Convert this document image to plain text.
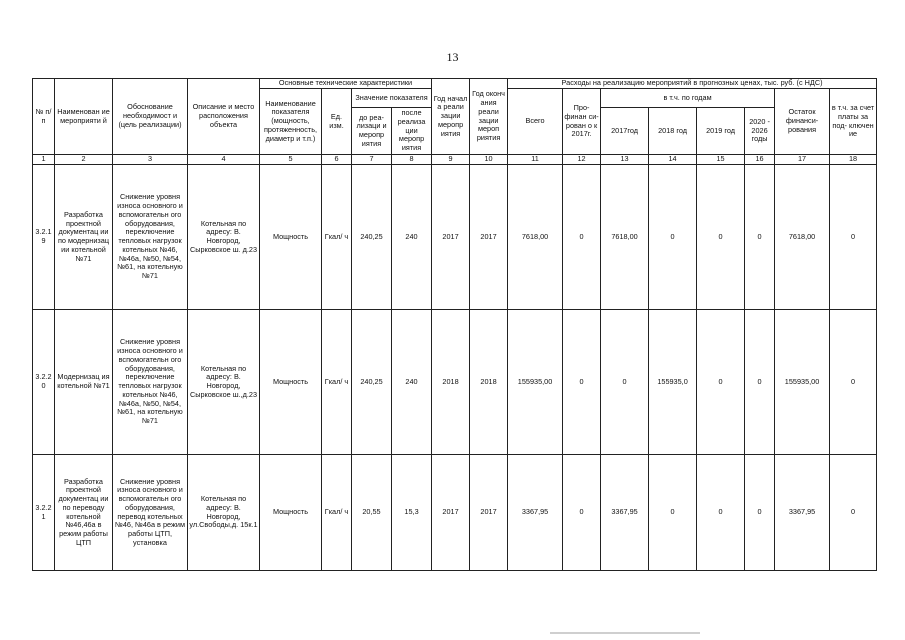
13
№ п/п	Наименован ие мероприяти й	Обоснование необходимост и (цель реализации)	Описание и место расположения объекта	Основные технические характеристики				Год начал а реали зации меропр иятия	Год оконч ания реали зации мероп риятия	Расходы на реализацию мероприятий в прогнозных ценах, тыс. руб. (с НДС)							
				Наименование показателя (мощность, протяженность, диаметр и т.п.)	Ед. изм.	Значение показателя				Всего	Про- финан си- рован о к 2017г.	в т.ч. по годам				Остаток финанси- рования	в т.ч. за счет платы за под- ключен ие
						до реа- лизаци и меропр иятия	после реализа ции меропр иятия					2017год	2018 год	2019 год	2020 - 2026 годы		
1	2	3	4	5	6	7	8	9	10	11	12	13	14	15	16	17	18
3.2.1 9	Разработка проектной документац ии по модернизац ии котельной №71	Снижение уровня износа основного и вспомогательн ого оборудования, переключение тепловых нагрузок котельных №46, №46а, №50, №54, №61, на котельную №71	Котельная по адресу: В. Новгород, Сырковское ш. д.23	Мощность	Гкал/ ч	240,25	240	2017	2017	7618,00	0	7618,00	0	0	0	7618,00	0
3.2.2 0	Модернизац ия котельной №71	Снижение уровня износа основного и вспомогательн ого оборудования, переключение тепловых нагрузок котельных №46, №46а, №50, №54, №61, на котельную №71	Котельная по адресу: В. Новгород, Сырковское ш.,д.23	Мощность	Гкал/ ч	240,25	240	2018	2018	155935,00	0	0	155935,0	0	0	155935,00	0
3.2.2 1	Разработка проектной документац ии по переводу котельной №46,46а в режим работы ЦТП	Снижение уровня износа основного и вспомогательн ого оборудования, перевод котельных №46, №46а в режим работы ЦТП, установка	Котельная по адресу: В. Новгород, ул.Свободы,д. 15к.1	Мощность	Гкал/ ч	20,55	15,3	2017	2017	3367,95	0	3367,95	0	0	0	3367,95	0
